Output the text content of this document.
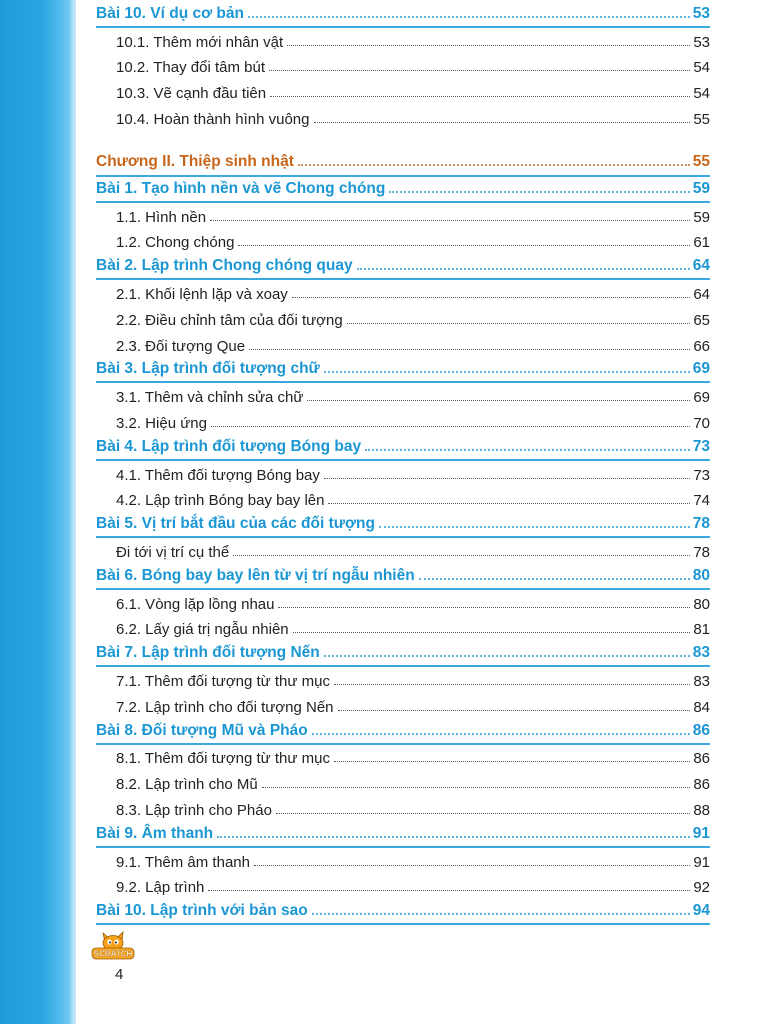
Bài 10. Ví dụ cơ bản	53
10.1. Thêm mới nhân vật	53
10.2. Thay đổi tâm bút	54
10.3. Vẽ cạnh đầu tiên	54
10.4. Hoàn thành hình vuông	55
Chương II. Thiệp sinh nhật	55
Bài 1. Tạo hình nền và vẽ Chong chóng	59
1.1. Hình nền	59
1.2. Chong chóng	61
Bài 2. Lập trình Chong chóng quay	64
2.1. Khối lệnh lặp và xoay	64
2.2. Điều chỉnh tâm của đối tượng	65
2.3. Đối tượng Que	66
Bài 3. Lập trình đối tượng chữ	69
3.1. Thêm và chỉnh sửa chữ	69
3.2. Hiệu ứng	70
Bài 4. Lập trình đối tượng Bóng bay	73
4.1. Thêm đối tượng Bóng bay	73
4.2. Lập trình Bóng bay bay lên	74
Bài 5. Vị trí bắt đầu của các đối tượng	78
Đi tới vị trí cụ thể	78
Bài 6. Bóng bay bay lên từ vị trí ngẫu nhiên	80
6.1. Vòng lặp lồng nhau	80
6.2. Lấy giá trị ngẫu nhiên	81
Bài 7. Lập trình đối tượng Nến	83
7.1. Thêm đối tượng từ thư mục	83
7.2. Lập trình cho đối tượng Nến	84
Bài 8. Đối tượng Mũ và Pháo	86
8.1. Thêm đối tượng từ thư mục	86
8.2. Lập trình cho Mũ	86
8.3. Lập trình cho Pháo	88
Bài 9. Âm thanh	91
9.1. Thêm âm thanh	91
9.2. Lập trình	92
Bài 10. Lập trình với bản sao	94
SCRATCH
4
